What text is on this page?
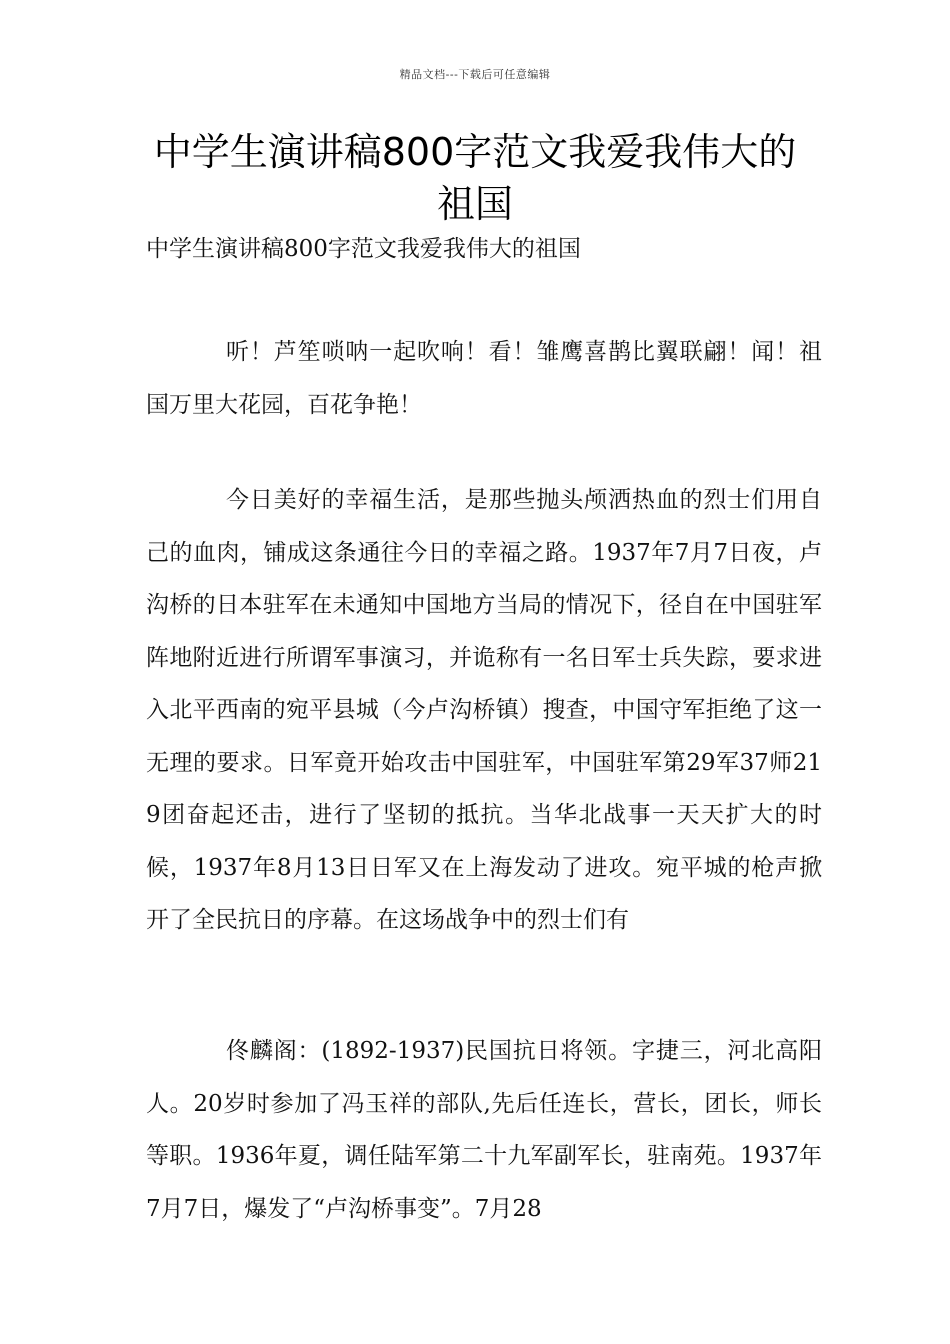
精品文档---下载后可任意编辑
中学生演讲稿800字范文我爱我伟大的祖国

中学生演讲稿800字范文我爱我伟大的祖国

听！芦笙唢呐一起吹响！看！雏鹰喜鹊比翼联翩！闻！祖国万里大花园，百花争艳！

今日美好的幸福生活，是那些抛头颅洒热血的烈士们用自己的血肉，铺成这条通往今日的幸福之路。1937年7月7日夜，卢沟桥的日本驻军在未通知中国地方当局的情况下，径自在中国驻军阵地附近进行所谓军事演习，并诡称有一名日军士兵失踪，要求进入北平西南的宛平县城（今卢沟桥镇）搜查，中国守军拒绝了这一无理的要求。日军竟开始攻击中国驻军，中国驻军第29军37师219团奋起还击，进行了坚韧的抵抗。当华北战事一天天扩大的时候，1937年8月13日日军又在上海发动了进攻。宛平城的枪声掀开了全民抗日的序幕。在这场战争中的烈士们有

佟麟阁：(1892-1937)民国抗日将领。字捷三，河北高阳人。20岁时参加了冯玉祥的部队,先后任连长，营长，团长，师长等职。1936年夏，调任陆军第二十九军副军长，驻南苑。1937年7月7日，爆发了“卢沟桥事变”。7月28
